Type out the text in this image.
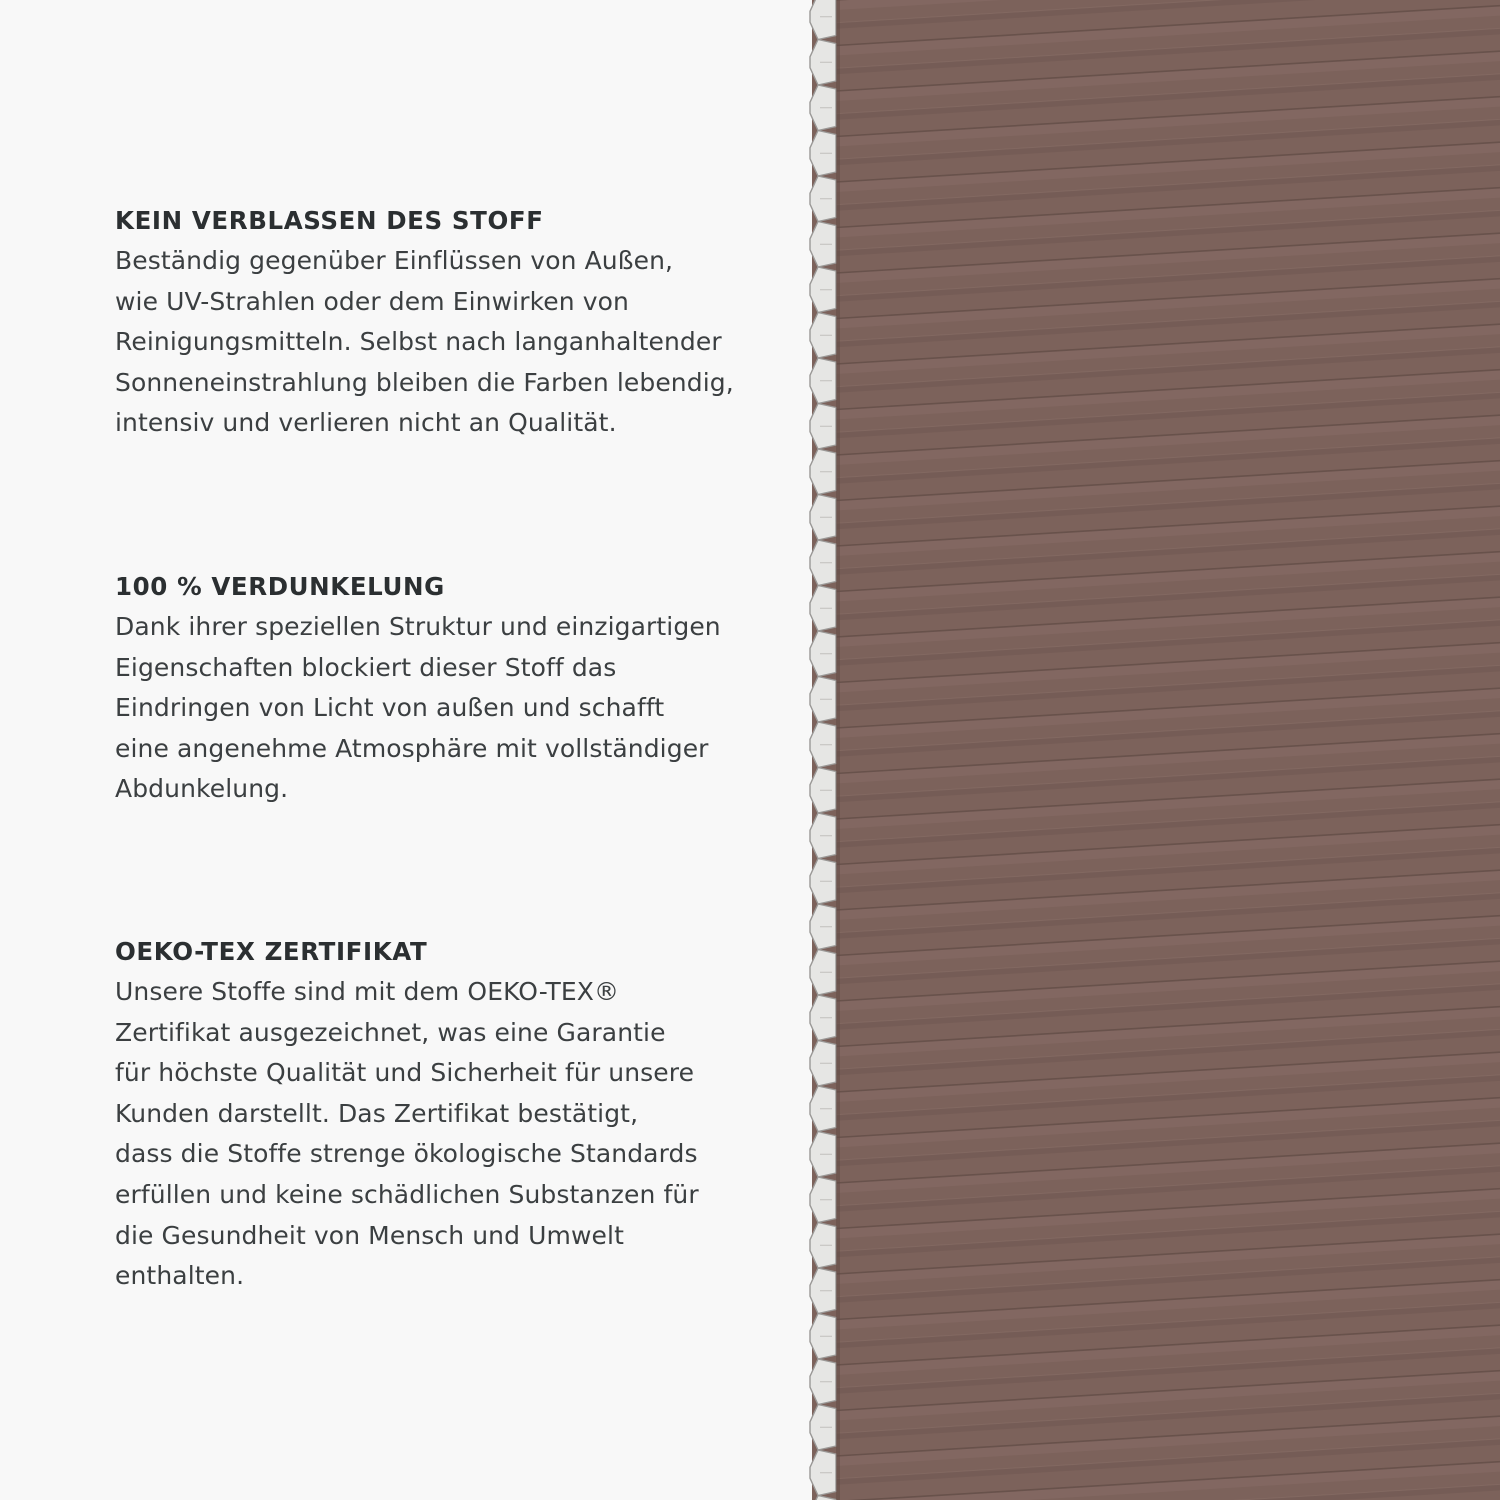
KEIN VERBLASSEN DES STOFF
Beständig gegenüber Einflüssen von Außen,
wie UV-Strahlen oder dem Einwirken von
Reinigungsmitteln. Selbst nach langanhaltender
Sonneneinstrahlung bleiben die Farben lebendig,
intensiv und verlieren nicht an Qualität.
100 % VERDUNKELUNG
Dank ihrer speziellen Struktur und einzigartigen
Eigenschaften blockiert dieser Stoff das
Eindringen von Licht von außen und schafft
eine angenehme Atmosphäre mit vollständiger
Abdunkelung.
OEKO-TEX ZERTIFIKAT
Unsere Stoffe sind mit dem OEKO-TEX®
Zertifikat ausgezeichnet, was eine Garantie
für höchste Qualität und Sicherheit für unsere
Kunden darstellt. Das Zertifikat bestätigt,
dass die Stoffe strenge ökologische Standards
erfüllen und keine schädlichen Substanzen für
die Gesundheit von Mensch und Umwelt
enthalten.
